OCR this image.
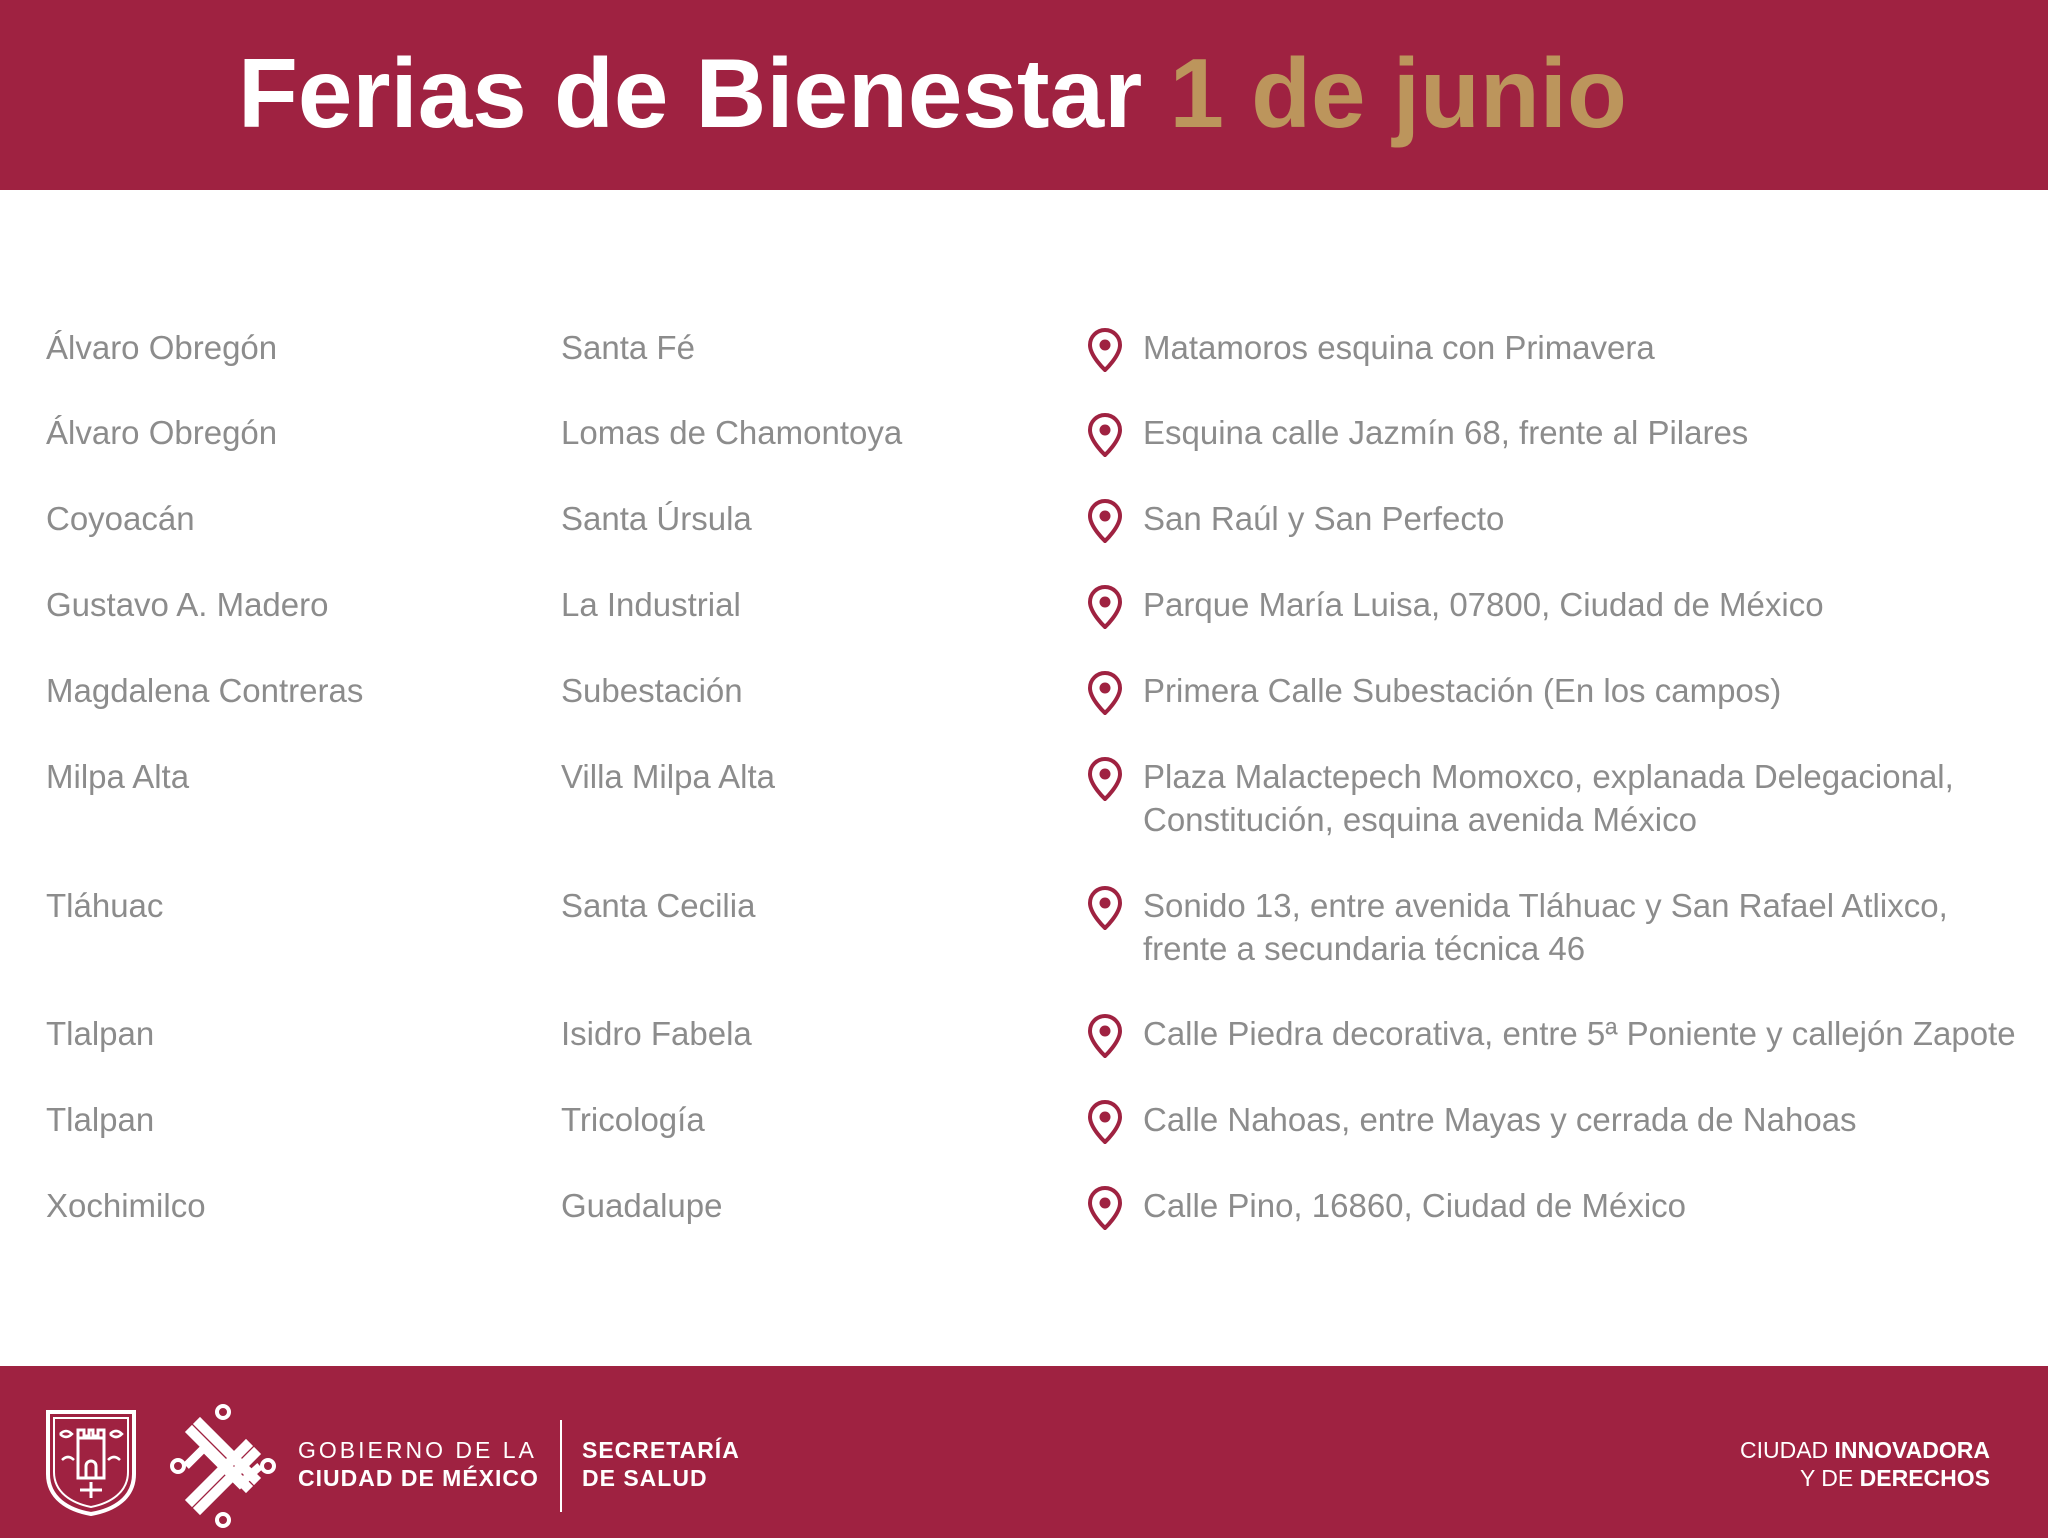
Ferias de Bienestar 1 de junio
Álvaro Obregón	Santa Fé	Matamoros esquina con Primavera
Álvaro Obregón	Lomas de Chamontoya	Esquina calle Jazmín 68, frente al Pilares
Coyoacán	Santa Úrsula	San Raúl y San Perfecto
Gustavo A. Madero	La Industrial	Parque María Luisa, 07800, Ciudad de México
Magdalena Contreras	Subestación	Primera Calle Subestación (En los campos)
Milpa Alta	Villa Milpa Alta	Plaza Malactepech Momoxco, explanada Delegacional, Constitución, esquina avenida México
Tláhuac	Santa Cecilia	Sonido 13, entre avenida Tláhuac y San Rafael Atlixco, frente a secundaria técnica 46
Tlalpan	Isidro Fabela	Calle Piedra decorativa, entre 5ª Poniente y callejón Zapote
Tlalpan	Tricología	Calle Nahoas, entre Mayas y cerrada de Nahoas
Xochimilco	Guadalupe	Calle Pino, 16860, Ciudad de México
GOBIERNO DE LA
CIUDAD DE MÉXICO
SECRETARÍA
DE SALUD
CIUDAD INNOVADORA
Y DE DERECHOS
